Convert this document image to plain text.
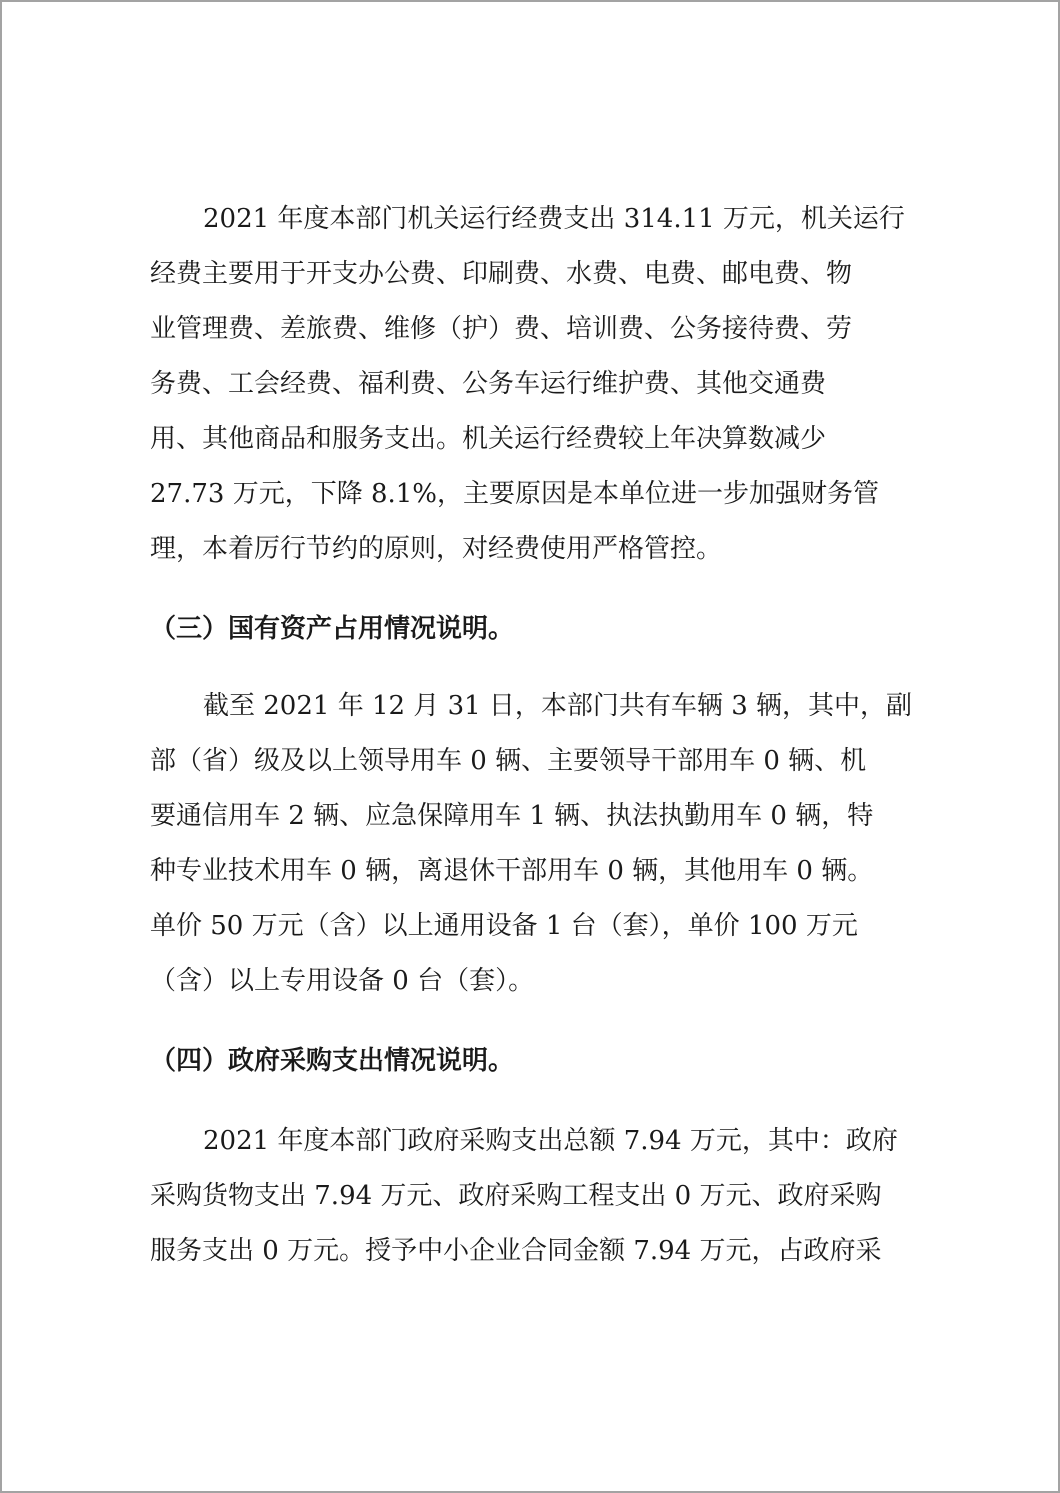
2021 年度本部门机关运行经费支出 314.11 万元，机关运行

经费主要用于开支办公费、印刷费、水费、电费、邮电费、物

业管理费、差旅费、维修（护）费、培训费、公务接待费、劳

务费、工会经费、福利费、公务车运行维护费、其他交通费

用、其他商品和服务支出。机关运行经费较上年决算数减少

27.73 万元，下降 8.1%，主要原因是本单位进一步加强财务管

理，本着厉行节约的原则，对经费使用严格管控。

（三）国有资产占用情况说明。

截至 2021 年 12 月 31 日，本部门共有车辆 3 辆，其中，副

部（省）级及以上领导用车 0 辆、主要领导干部用车 0 辆、机

要通信用车 2 辆、应急保障用车 1 辆、执法执勤用车 0 辆，特

种专业技术用车 0 辆，离退休干部用车 0 辆，其他用车 0 辆。

单价 50 万元（含）以上通用设备 1 台（套），单价 100 万元

（含）以上专用设备 0 台（套）。

（四）政府采购支出情况说明。

2021 年度本部门政府采购支出总额 7.94 万元，其中：政府

采购货物支出 7.94 万元、政府采购工程支出 0 万元、政府采购

服务支出 0 万元。授予中小企业合同金额 7.94 万元，占政府采
